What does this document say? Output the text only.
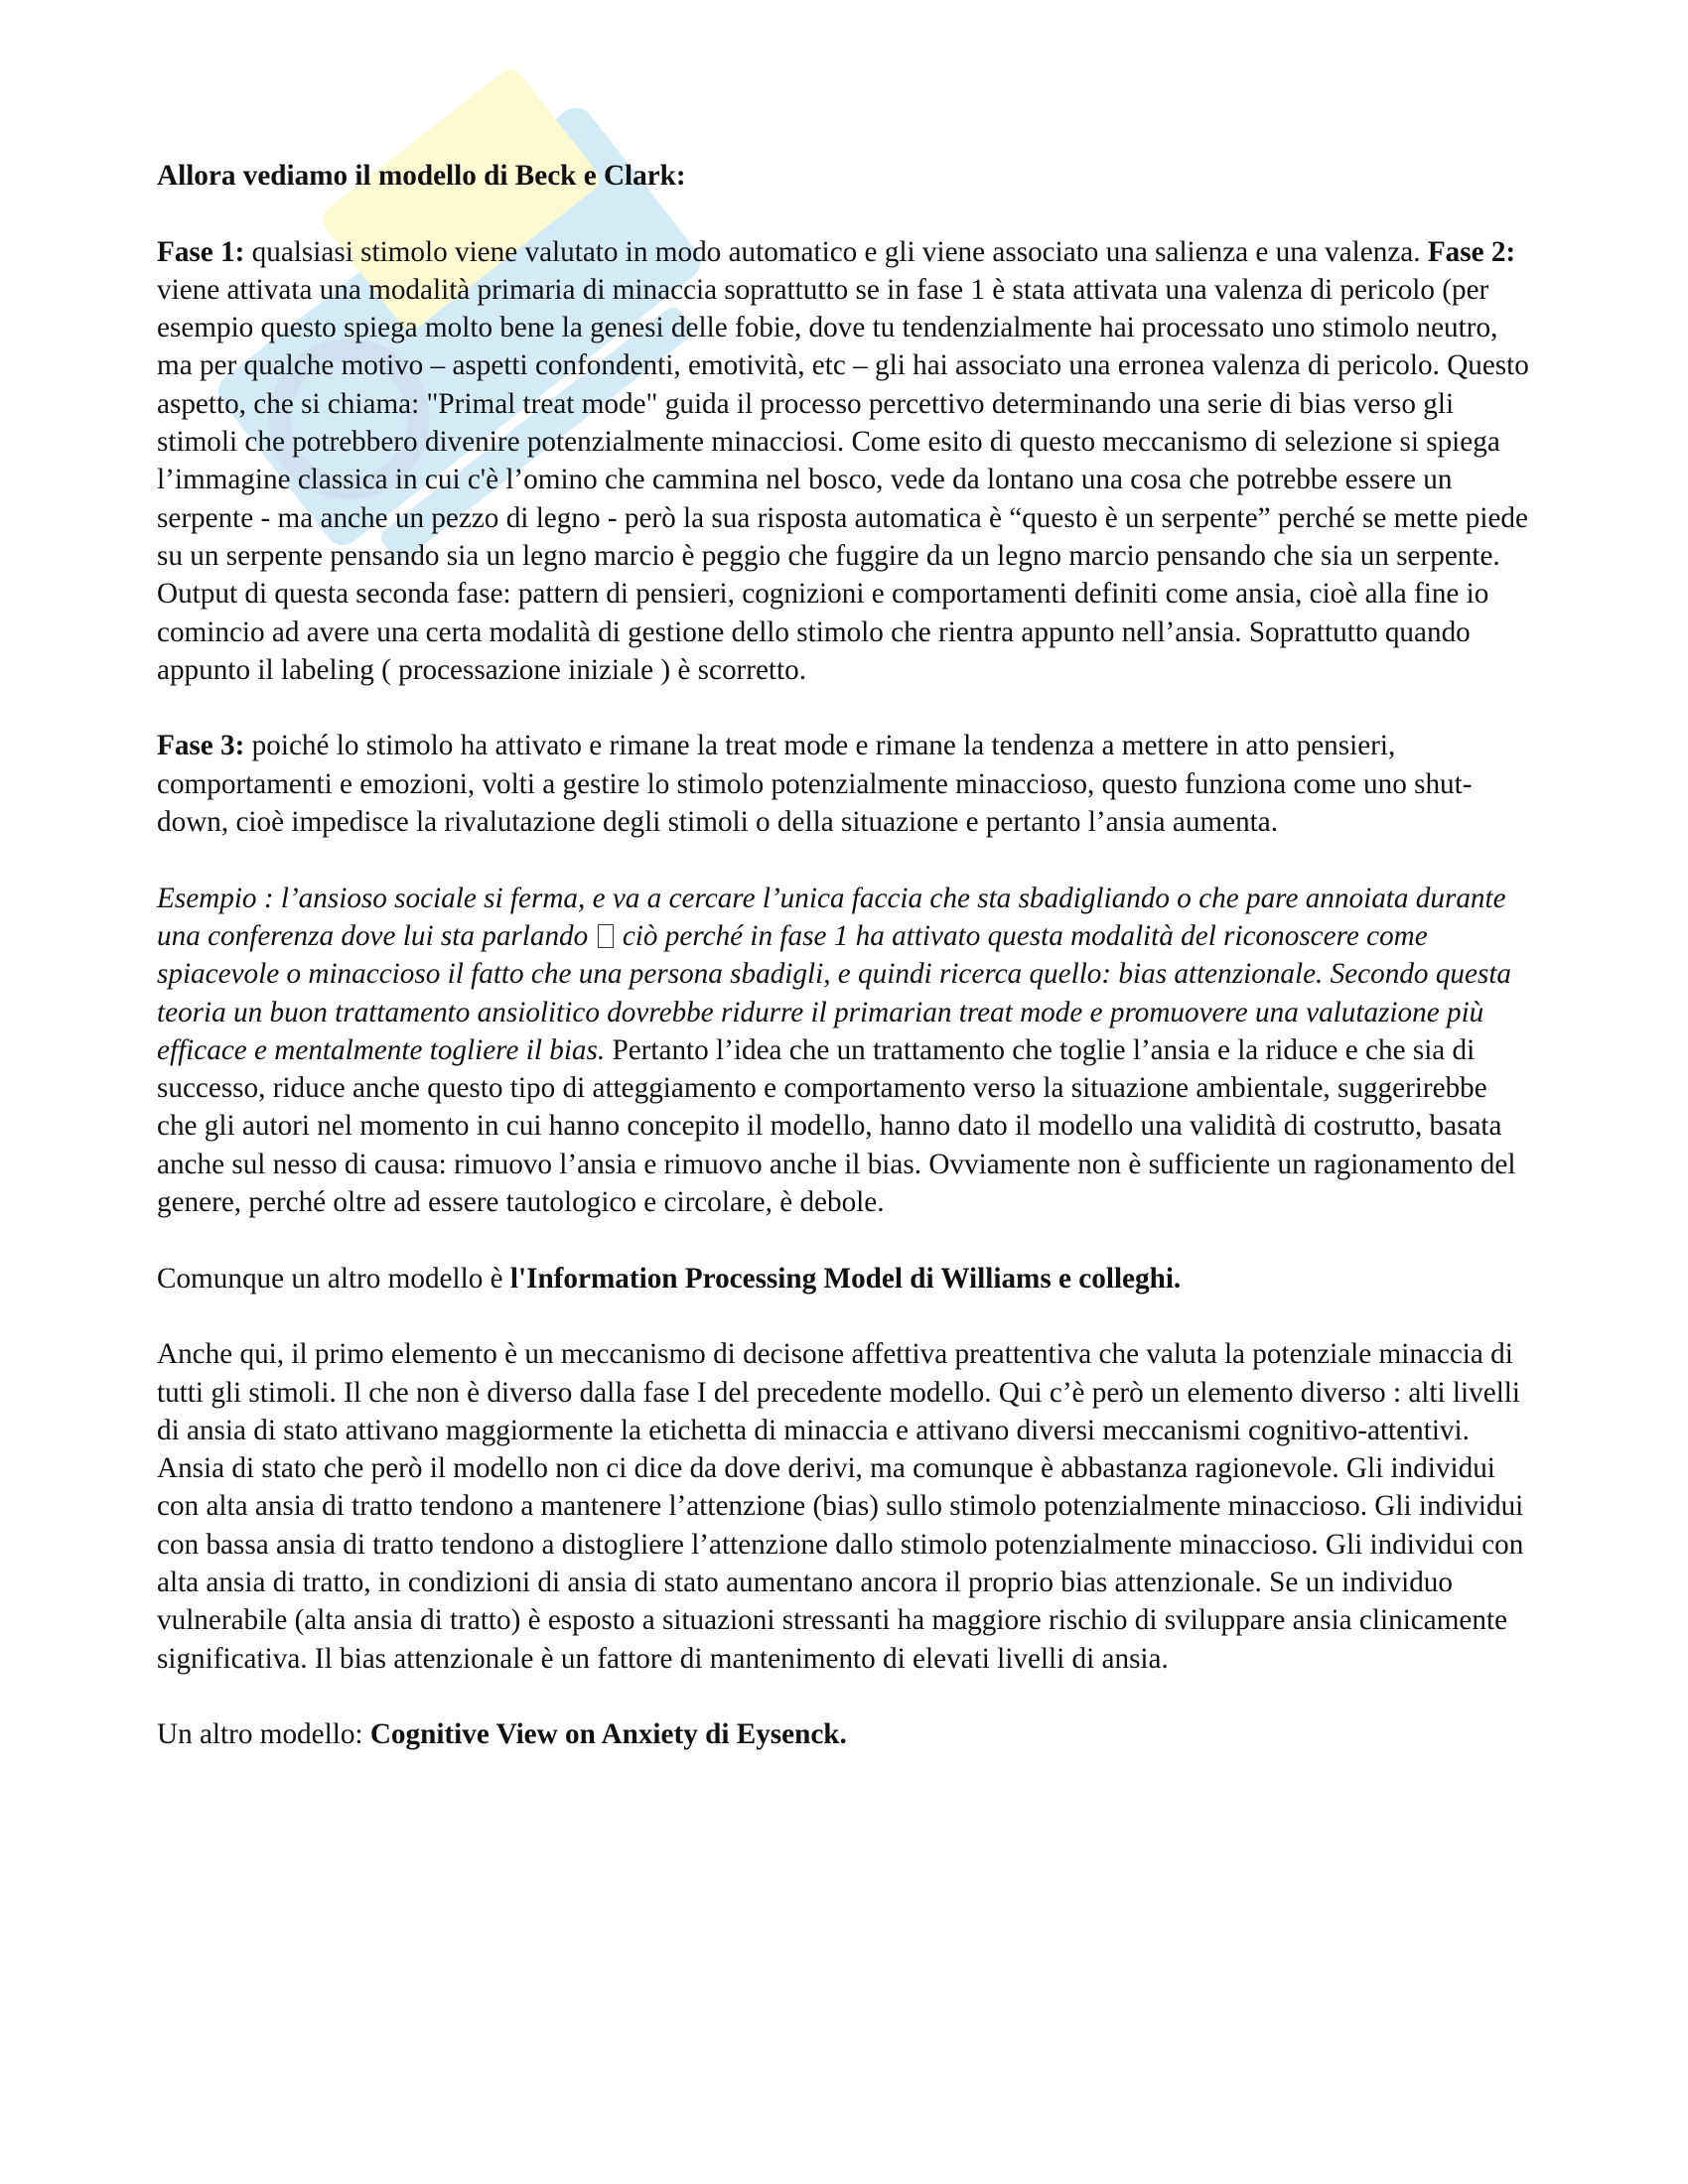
Allora vediamo il modello di Beck e Clark:

Fase 1: qualsiasi stimolo viene valutato in modo automatico e gli viene associato una salienza e una valenza. Fase 2: viene attivata una modalità primaria di minaccia soprattutto se in fase 1 è stata attivata una valenza di pericolo (per esempio questo spiega molto bene la genesi delle fobie, dove tu tendenzialmente hai processato uno stimolo neutro, ma per qualche motivo – aspetti confondenti, emotività, etc – gli hai associato una erronea valenza di pericolo. Questo aspetto, che si chiama: "Primal treat mode" guida il processo percettivo determinando una serie di bias verso gli stimoli che potrebbero divenire potenzialmente minacciosi. Come esito di questo meccanismo di selezione si spiega l’immagine classica in cui c'è l’omino che cammina nel bosco, vede da lontano una cosa che potrebbe essere un serpente - ma anche un pezzo di legno - però la sua risposta automatica è “questo è un serpente” perché se mette piede su un serpente pensando sia un legno marcio è peggio che fuggire da un legno marcio pensando che sia un serpente. Output di questa seconda fase: pattern di pensieri, cognizioni e comportamenti definiti come ansia, cioè alla fine io comincio ad avere una certa modalità di gestione dello stimolo che rientra appunto nell’ansia. Soprattutto quando appunto il labeling ( processazione iniziale ) è scorretto.

Fase 3: poiché lo stimolo ha attivato e rimane la treat mode e rimane la tendenza a mettere in atto pensieri, comportamenti e emozioni, volti a gestire lo stimolo potenzialmente minaccioso, questo funziona come uno shut-down, cioè impedisce la rivalutazione degli stimoli o della situazione e pertanto l’ansia aumenta.

Esempio : l’ansioso sociale si ferma, e va a cercare l’unica faccia che sta sbadigliando o che pare annoiata durante una conferenza dove lui sta parlando  ciò perché in fase 1 ha attivato questa modalità del riconoscere come spiacevole o minaccioso il fatto che una persona sbadigli, e quindi ricerca quello: bias attenzionale. Secondo questa teoria un buon trattamento ansiolitico dovrebbe ridurre il primarian treat mode e promuovere una valutazione più efficace e mentalmente togliere il bias. Pertanto l’idea che un trattamento che toglie l’ansia e la riduce e che sia di successo, riduce anche questo tipo di atteggiamento e comportamento verso la situazione ambientale, suggerirebbe che gli autori nel momento in cui hanno concepito il modello, hanno dato il modello una validità di costrutto, basata anche sul nesso di causa: rimuovo l’ansia e rimuovo anche il bias. Ovviamente non è sufficiente un ragionamento del genere, perché oltre ad essere tautologico e circolare, è debole.

Comunque un altro modello è l'Information Processing Model di Williams e colleghi.

Anche qui, il primo elemento è un meccanismo di decisone affettiva preattentiva che valuta la potenziale minaccia di tutti gli stimoli. Il che non è diverso dalla fase I del precedente modello. Qui c’è però un elemento diverso : alti livelli di ansia di stato attivano maggiormente la etichetta di minaccia e attivano diversi meccanismi cognitivo-attentivi. Ansia di stato che però il modello non ci dice da dove derivi, ma comunque è abbastanza ragionevole. Gli individui con alta ansia di tratto tendono a mantenere l’attenzione (bias) sullo stimolo potenzialmente minaccioso. Gli individui con bassa ansia di tratto tendono a distogliere l’attenzione dallo stimolo potenzialmente minaccioso. Gli individui con alta ansia di tratto, in condizioni di ansia di stato aumentano ancora il proprio bias attenzionale. Se un individuo vulnerabile (alta ansia di tratto) è esposto a situazioni stressanti ha maggiore rischio di sviluppare ansia clinicamente significativa. Il bias attenzionale è un fattore di mantenimento di elevati livelli di ansia.

Un altro modello: Cognitive View on Anxiety di Eysenck.
